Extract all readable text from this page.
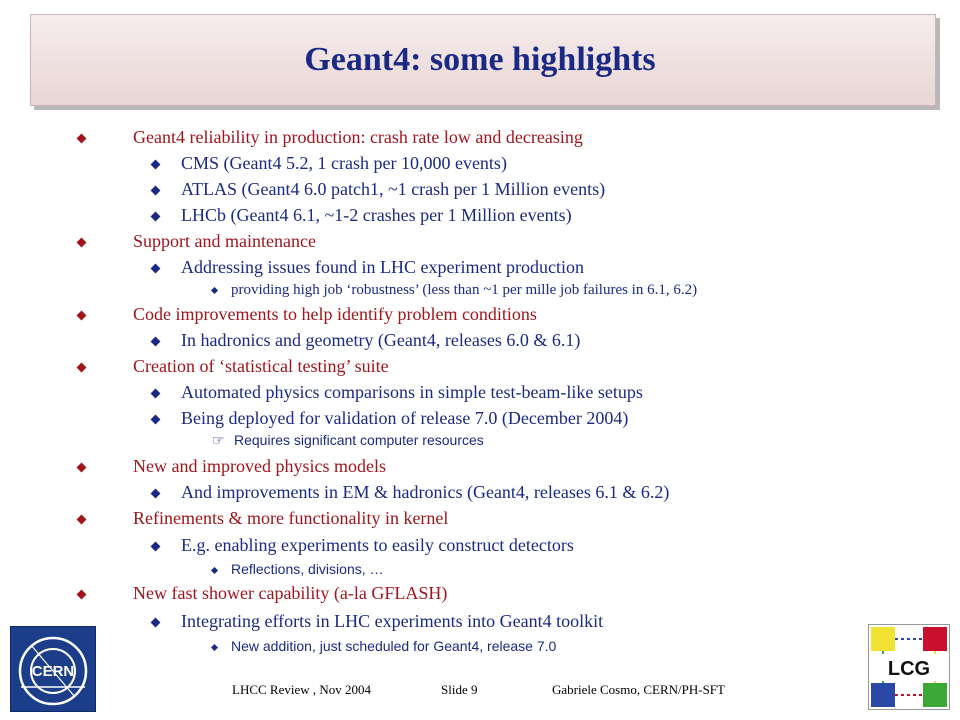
Geant4: some highlights
Geant4 reliability in production: crash rate low and decreasing
CMS (Geant4 5.2, 1 crash per 10,000 events)
ATLAS (Geant4 6.0 patch1, ~1 crash per 1 Million events)
LHCb (Geant4 6.1, ~1-2 crashes per 1 Million events)
Support and maintenance
Addressing issues found in LHC experiment production
providing high job ‘robustness’ (less than ~1 per mille job failures in 6.1, 6.2)
Code improvements to help identify problem conditions
In hadronics and geometry (Geant4, releases 6.0 & 6.1)
Creation of ‘statistical testing’ suite
Automated physics comparisons in simple test-beam-like setups
Being deployed for validation of release 7.0 (December 2004)
☞ Requires significant computer resources
New and improved physics models
And improvements in EM & hadronics (Geant4, releases 6.1 & 6.2)
Refinements & more functionality in kernel
E.g. enabling experiments to easily construct detectors
Reflections, divisions, …
New fast shower capability (a-la GFLASH)
Integrating efforts in LHC experiments into Geant4 toolkit
New addition, just scheduled for Geant4, release 7.0
CERN	LCG
LHCC Review , Nov 2004	Slide 9	Gabriele Cosmo, CERN/PH-SFT
